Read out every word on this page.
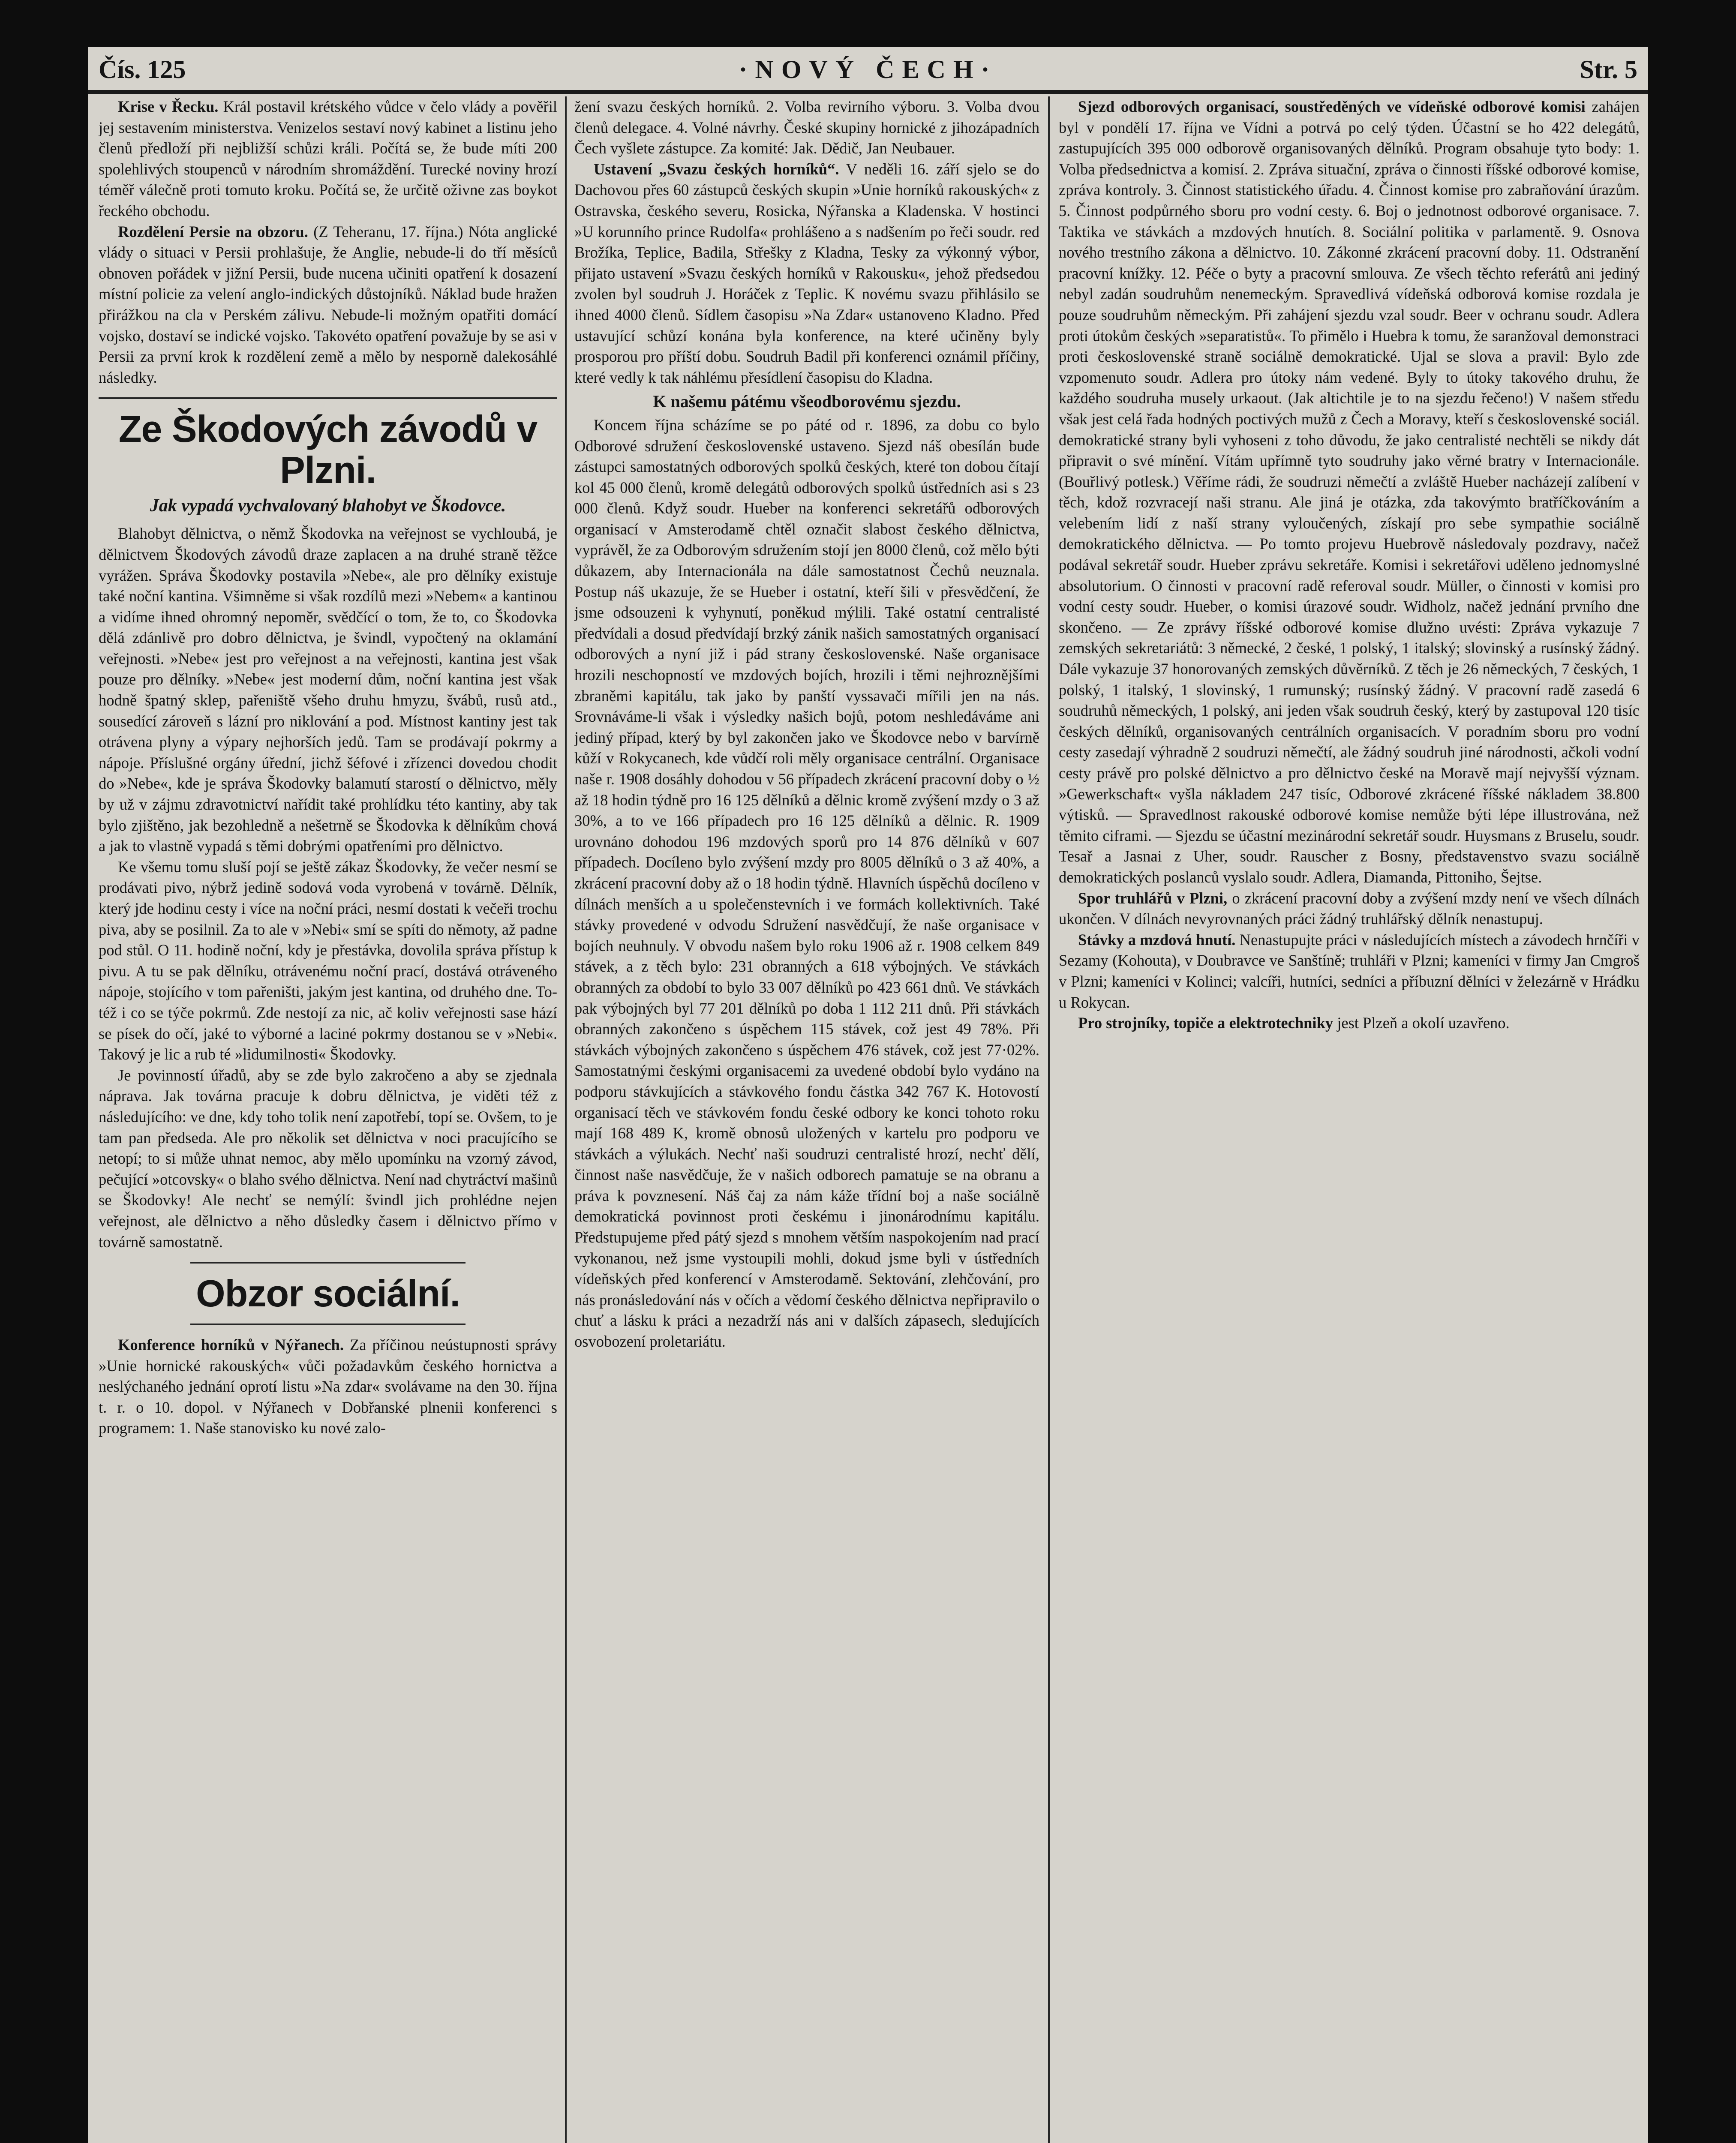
Čís. 125	·NOVÝ ČECH·	Str. 5

Krise v Řecku. Král postavil krétského vůdce v čelo vlády a pověřil jej sestavením ministerstva. Venizelos sestaví nový kabinet a listinu jeho členů předloží při nejbližší schůzi králi. Počítá se, že bude míti 200 spolehlivých stoupenců v národním shromáždění. Turecké noviny hrozí téměř válečně proti tomuto kroku. Počítá se, že určitě oživne zas boykot řeckého obchodu.

Rozdělení Persie na obzoru. (Z Teheranu, 17. října.) Nóta anglické vlády o situaci v Persii prohlašuje, že Anglie, nebude-li do tří měsíců obnoven pořádek v jižní Persii, bude nucena učiniti opatření k dosazení místní policie za velení anglo-indických důstojníků. Náklad bude hražen přirážkou na cla v Perském zálivu. Nebude-li možným opatřiti domácí vojsko, dostaví se indické vojsko. Takovéto opatření považuje by se asi v Persii za první krok k rozdělení země a mělo by nesporně dalekosáhlé následky.

Ze Škodových závodů v Plzni.
Jak vypadá vychvalovaný blahobyt ve Škodovce.

Blahobyt dělnictva, o němž Škodovka na veřejnost se vychloubá, je dělnictvem Škodových závodů draze zaplacen a na druhé straně těžce vyrážen. Správa Škodovky postavila »Nebe«, ale pro dělníky existuje také noční kantina. Všimněme si však rozdílů mezi »Nebem« a kantinou a vidíme ihned ohromný nepoměr, svědčící o tom, že to, co Škodovka dělá zdánlivě pro dobro dělnictva, je švindl, vypočtený na oklamání veřejnosti. »Nebe« jest pro veřejnost a na veřejnosti, kantina jest však pouze pro dělníky. »Nebe« jest moderní dům, noční kantina jest však hodně špatný sklep, pařeniště všeho druhu hmyzu, švábů, rusů atd., sousedící zároveň s lázní pro niklování a pod. Místnost kantiny jest tak otrávena plyny a výpary nejhorších jedů. Tam se prodávají pokrmy a nápoje. Příslušné orgány úřední, jichž šéfové i zřízenci dovedou chodit do »Nebe«, kde je správa Škodovky balamutí starostí o dělnictvo, měly by už v zájmu zdravotnictví nařídit také prohlídku této kantiny, aby tak bylo zjištěno, jak bezohledně a nešetrně se Škodovka k dělníkům chová a jak to vlastně vypadá s těmi dobrými opatřeními pro dělnictvo.

Ke všemu tomu sluší pojí se ještě zákaz Škodovky, že večer nesmí se prodávati pivo, nýbrž jedině sodová voda vyrobená v továrně. Dělník, který jde hodinu cesty i více na noční práci, nesmí dostati k večeři trochu piva, aby se posilnil. Za to ale v »Nebi« smí se spíti do němoty, až padne pod stůl. O 11. hodině noční, kdy je přestávka, dovolila správa přístup k pivu. A tu se pak dělníku, otrávenému noční prací, dostává otráveného nápoje, stojícího v tom pařeništi, jakým jest kantina, od druhého dne. To-též i co se týče pokrmů. Zde nestojí za nic, ač koliv veřejnosti sase hází se písek do očí, jaké to výborné a laciné pokrmy dostanou se v »Nebi«. Takový je lic a rub té »lidumilnosti« Škodovky.

Je povinností úřadů, aby se zde bylo zakročeno a aby se zjednala náprava. Jak továrna pracuje k dobru dělnictva, je viděti též z následujícího: ve dne, kdy toho tolik není zapotřebí, topí se. Ovšem, to je tam pan předseda. Ale pro několik set dělnictva v noci pracujícího se netopí; to si může uhnat nemoc, aby mělo upomínku na vzorný závod, pečující »otcovsky« o blaho svého dělnictva. Není nad chytráctví mašinů se Škodovky! Ale nechť se nemýlí: švindl jich prohlédne nejen veřejnost, ale dělnictvo a něho důsledky časem i dělnictvo přímo v továrně samostatně.

Obzor sociální.

Konference horníků v Nýřanech. Za příčinou neústupnosti správy »Unie hornické rakouských« vůči požadavkům českého hornictva a neslýchaného jednání oprotí listu »Na zdar« svolávame na den 30. října t. r. o 10. dopol. v Nýřanech v Dobřanské plnenii konferenci s programem: 1. Naše stanovisko ku nové zalo-

žení svazu českých horníků. 2. Volba revirního výboru. 3. Volba dvou členů delegace. 4. Volné návrhy. České skupiny hornické z jihozápadních Čech vyšlete zástupce. Za komité: Jak. Dědič, Jan Neubauer.

Ustavení „Svazu českých horníků“. V neděli 16. září sjelo se do Dachovou přes 60 zástupců českých skupin »Unie horníků rakouských« z Ostravska, českého severu, Rosicka, Nýřanska a Kladenska. V hostinci »U korunního prince Rudolfa« prohlášeno a s nadšením po řeči soudr. red Brožíka, Teplice, Badila, Střešky z Kladna, Tesky za výkonný výbor, přijato ustavení »Svazu českých horníků v Rakousku«, jehož předsedou zvolen byl soudruh J. Horáček z Teplic. K novému svazu přihlásilo se ihned 4000 členů. Sídlem časopisu »Na Zdar« ustanoveno Kladno. Před ustavující schůzí konána byla konference, na které učiněny byly prosporou pro příští dobu. Soudruh Badil při konferenci oznámil příčiny, které vedly k tak náhlému přesídlení časopisu do Kladna.

K našemu pátému všeodborovému sjezdu.

Koncem října scházíme se po páté od r. 1896, za dobu co bylo Odborové sdružení československé ustaveno. Sjezd náš obesílán bude zástupci samostatných odborových spolků českých, které ton dobou čítají kol 45 000 členů, kromě delegátů odborových spolků ústředních asi s 23 000 členů. Když soudr. Hueber na konferenci sekretářů odborových organisací v Amsterodamě chtěl označit slabost českého dělnictva, vyprávěl, že za Odborovým sdružením stojí jen 8000 členů, což mělo býti důkazem, aby Internacionála na dále samostatnost Čechů neuznala. Postup náš ukazuje, že se Hueber i ostatní, kteří šili v přesvědčení, že jsme odsouzeni k vyhynutí, poněkud mýlili. Také ostatní centralisté předvídali a dosud předvídají brzký zánik našich samostatných organisací odborových a nyní již i pád strany československé. Naše organisace hrozili neschopností ve mzdových bojích, hrozili i těmi nejhroznějšími zbraněmi kapitálu, tak jako by panští vyssavači mířili jen na nás. Srovnáváme-li však i výsledky našich bojů, potom neshledáváme ani jediný případ, který by byl zakončen jako ve Škodovce nebo v barvírně kůží v Rokycanech, kde vůdčí roli měly organisace centrální. Organisace naše r. 1908 dosáhly dohodou v 56 případech zkrácení pracovní doby o ½ až 18 hodin týdně pro 16 125 dělníků a dělnic kromě zvýšení mzdy o 3 až 30%, a to ve 166 případech pro 16 125 dělníků a dělnic. R. 1909 urovnáno dohodou 196 mzdových sporů pro 14 876 dělníků v 607 případech. Docíleno bylo zvýšení mzdy pro 8005 dělníků o 3 až 40%, a zkrácení pracovní doby až o 18 hodin týdně. Hlavních úspěchů docíleno v dílnách menších a u společenstevních i ve formách kollektivních. Také stávky provedené v odvodu Sdružení nasvědčují, že naše organisace v bojích neuhnuly. V obvodu našem bylo roku 1906 až r. 1908 celkem 849 stávek, a z těch bylo: 231 obranných a 618 výbojných. Ve stávkách obranných za období to bylo 33 007 dělníků po 423 661 dnů. Ve stávkách pak výbojných byl 77 201 dělníků po doba 1 112 211 dnů. Při stávkách obranných zakončeno s úspěchem 115 stávek, což jest 49 78%. Při stávkách výbojných zakončeno s úspěchem 476 stávek, což jest 77·02%. Samostatnými českými organisacemi za uvedené období bylo vydáno na podporu stávkujících a stávkového fondu částka 342 767 K. Hotovostí organisací těch ve stávkovém fondu české odbory ke konci tohoto roku mají 168 489 K, kromě obnosů uložených v kartelu pro podporu ve stávkách a výlukách. Nechť naši soudruzi centralisté hrozí, nechť dělí, činnost naše nasvědčuje, že v našich odborech pamatuje se na obranu a práva k povznesení. Náš čaj za nám káže třídní boj a naše sociálně demokratická povinnost proti českému i jinonárodnímu kapitálu. Předstupujeme před pátý sjezd s mnohem větším naspokojením nad prací vykonanou, než jsme vystoupili mohli, dokud jsme byli v ústředních vídeňských před konferencí v Amsterodamě. Sektování, zlehčování, pro nás pronásledování nás v očích a vědomí českého dělnictva nepřipravilo o chuť a lásku k práci a nezadrží nás ani v dalších zápasech, sledujících osvobození proletariátu.

Sjezd odborových organisací, soustředěných ve vídeňské odborové komisi zahájen byl v pondělí 17. října ve Vídni a potrvá po celý týden. Účastní se ho 422 delegátů, zastupujících 395 000 odborově organisovaných dělníků. Program obsahuje tyto body: 1. Volba předsednictva a komisí. 2. Zpráva situační, zpráva o činnosti říšské odborové komise, zpráva kontroly. 3. Činnost statistického úřadu. 4. Činnost komise pro zabraňování úrazům. 5. Činnost podpůrného sboru pro vodní cesty. 6. Boj o jednotnost odborové organisace. 7. Taktika ve stávkách a mzdových hnutích. 8. Sociální politika v parlamentě. 9. Osnova nového trestního zákona a dělnictvo. 10. Zákonné zkrácení pracovní doby. 11. Odstranění pracovní knížky. 12. Péče o byty a pracovní smlouva. Ze všech těchto referátů ani jediný nebyl zadán soudruhům nenemeckým. Spravedlivá vídeňská odborová komise rozdala je pouze soudruhům německým. Při zahájení sjezdu vzal soudr. Beer v ochranu soudr. Adlera proti útokům českých »separatistů«. To přimělo i Huebra k tomu, že saranžoval demonstraci proti československé straně sociálně demokratické. Ujal se slova a pravil: Bylo zde vzpomenuto soudr. Adlera pro útoky nám vedené. Byly to útoky takového druhu, že každého soudruha musely urkaout. (Jak altichtile je to na sjezdu řečeno!) V našem středu však jest celá řada hodných poctivých mužů z Čech a Moravy, kteří s československé sociál. demokratické strany byli vyhoseni z toho důvodu, že jako centralisté nechtěli se nikdy dát připravit o své mínění. Vítám upřímně tyto soudruhy jako věrné bratry v Internacionále. (Bouřlivý potlesk.) Věříme rádi, že soudruzi němečtí a zvláště Hueber nacházejí zalíbení v těch, kdož rozvracejí naši stranu. Ale jiná je otázka, zda takovýmto bratříčkováním a velebením lidí z naší strany vyloučených, získají pro sebe sympathie sociálně demokratického dělnictva. — Po tomto projevu Huebrově následovaly pozdravy, načež podával sekretář soudr. Hueber zprávu sekretáře. Komisi i sekretářovi uděleno jednomyslné absolutorium. O činnosti v pracovní radě referoval soudr. Müller, o činnosti v komisi pro vodní cesty soudr. Hueber, o komisi úrazové soudr. Widholz, načež jednání prvního dne skončeno. — Ze zprávy říšské odborové komise dlužno uvésti: Zpráva vykazuje 7 zemských sekretariátů: 3 německé, 2 české, 1 polský, 1 italský; slovinský a rusínský žádný. Dále vykazuje 37 honorovaných zemských důvěrníků. Z těch je 26 německých, 7 českých, 1 polský, 1 italský, 1 slovinský, 1 rumunský; rusínský žádný. V pracovní radě zasedá 6 soudruhů německých, 1 polský, ani jeden však soudruh český, který by zastupoval 120 tisíc českých dělníků, organisovaných centrálních organisacích. V poradním sboru pro vodní cesty zasedají výhradně 2 soudruzi němečtí, ale žádný soudruh jiné národnosti, ačkoli vodní cesty právě pro polské dělnictvo a pro dělnictvo české na Moravě mají nejvyšší význam. »Gewerkschaft« vyšla nákladem 247 tisíc, Odborové zkrácené říšské nákladem 38.800 výtisků. — Spravedlnost rakouské odborové komise nemůže býti lépe illustrována, než těmito ciframi. — Sjezdu se účastní mezinárodní sekretář soudr. Huysmans z Bruselu, soudr. Tesař a Jasnai z Uher, soudr. Rauscher z Bosny, představenstvo svazu sociálně demokratických poslanců vyslalo soudr. Adlera, Diamanda, Pittoniho, Šejtse.

Spor truhlářů v Plzni, o zkrácení pracovní doby a zvýšení mzdy není ve všech dílnách ukončen. V dílnách nevyrovnaných práci žádný truhlářský dělník nenastupuj.

Stávky a mzdová hnutí. Nenastupujte práci v následujících místech a závodech hrnčíři v Sezamy (Kohouta), v Doubravce ve Sanštíně; truhláři v Plzni; kameníci v firmy Jan Cmgroš v Plzni; kameníci v Kolinci; valcíři, hutníci, sedníci a příbuzní dělníci v železárně v Hrádku u Rokycan.

Pro strojníky, topiče a elektrotechniky jest Plzeň a okolí uzavřeno.
